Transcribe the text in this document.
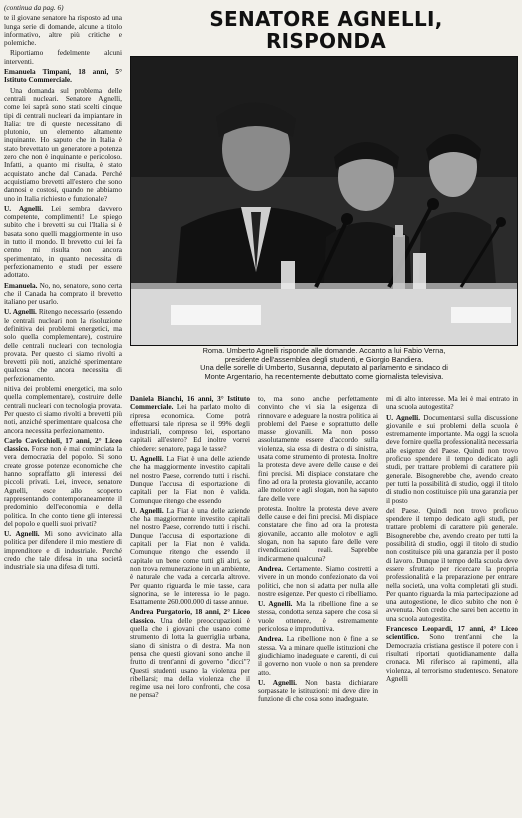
(continua da pag. 6)

te il giovane senatore ha risposto ad una lunga serie di domande, alcune a titolo informativo, altre più critiche e polemiche.

Riportiamo fedelmente alcuni interventi.

Emanuela Timpani, 18 anni, 5° Istituto Commerciale.

Una domanda sul problema delle centrali nucleari. Senatore Agnelli, come lei saprà sono stati scelti cinque tipi di centrali nucleari da impiantare in Italia: tre di queste necessitano di plutonio, un elemento altamente inquinante. Ho saputo che in Italia è stato brevettato un generatore a potenza zero che non è inquinante e pericoloso. Infatti, a quanto mi risulta, è stato acquistato anche dal Canada. Perché acquistiamo brevetti all'estero che sono dannosi e costosi, quando ne abbiamo uno in Italia richiesto e funzionale?

U. Agnelli. Lei sembra davvero competente, complimenti! Le spiego subito che i brevetti su cui l'Italia si è basata sono quelli maggiormente in uso in tutto il mondo. Il brevetto cui lei fa cenno mi risulta non ancora sperimentato, in quanto necessita di perfezionamento e studi per essere adottato.

Emanuela. No, no, senatore, sono certa che il Canada ha comprato il brevetto italiano per usarlo.

U. Agnelli. Ritengo necessario (essendo le centrali nucleari non la risoluzione definitiva dei problemi energetici, ma solo quella complementare), costruire delle centrali nucleari con tecnologia provata. Per questo ci siamo rivolti a brevetti più noti, anziché sperimentare qualcosa che ancora necessita di perfezionamento.

nitiva dei problemi energetici, ma solo quella complementare), costruire delle centrali nucleari con tecnologia provata. Per questo ci siamo rivolti a brevetti più noti, anziché sperimentare qualcosa che ancora necessita perfezionamento.

Carlo Cavicchioli, 17 anni, 2° Liceo classico. Forse non è mai cominciata la vera democrazia del popolo. Si sono create grosse potenze economiche che hanno sopraffatto gli interessi dei piccoli privati. Lei, invece, senatore Agnelli, esce allo scoperto rappresentando contemporaneamente il predominio dell'economia e della politica. In che conto tiene gli interessi del popolo e quelli suoi privati?

U. Agnelli. Mi sono avvicinato alla politica per difendere il mio mestiere di imprenditore e di industriale. Perché credo che tale difesa in una società industriale sia una difesa di tutti.

SENATORE AGNELLI,
RISPONDA
Roma. Umberto Agnelli risponde alle domande. Accanto a lui Fabio Verna,
presidente dell'assemblea degli studenti, e Giorgio Bandiera.
Una delle sorelle di Umberto, Susanna, deputato al parlamento e sindaco di
Monte Argentario, ha recentemente debuttato come giornalista televisiva.

Daniela Bianchi, 16 anni, 3° Istituto Commerciale. Lei ha parlato molto di ripresa economica. Come potrà effettuarsi tale ripresa se il 99% degli industriali, compreso lei, esportano capitali all'estero? Ed inoltre vorrei chiedere: senatore, paga le tasse?

U. Agnelli. La Fiat è una delle aziende che ha maggiormente investito capitali nel nostro Paese, correndo tutti i rischi. Dunque l'accusa di esportazione di capitali per la Fiat non è valida. Comunque ritengo che essendo

U. Agnelli. La Fiat è una delle aziende che ha maggiormente investito capitali nel nostro Paese, correndo tutti i rischi. Dunque l'accusa di esportazione di capitali per la Fiat non è valida. Comunque ritengo che essendo il capitale un bene come tutti gli altri, se non trova remunerazione in un ambiente, è naturale che vada a cercarla altrove. Per quanto riguarda le mie tasse, cara signorina, se le interessa io le pago. Esattamente 260.000.000 di tasse annue.

Andrea Purgatorio, 18 anni, 2° Liceo classico. Una delle preoccupazioni è quella che i giovani che usano come strumento di lotta la guerriglia urbana, siano di sinistra o di destra. Ma non pensa che questi giovani sono anche il frutto di trent'anni di governo "dicci"? Questi studenti usano la violenza per ribellarsi; ma della violenza che il regime usa nei loro confronti, che cosa ne pensa?

to, ma sono anche perfettamente convinto che vi sia la esigenza di rinnovare e adeguare la nostra politica ai problemi del Paese e soprattutto delle masse giovanili. Ma non posso assolutamente essere d'accordo sulla violenza, sia essa di destra o di sinistra, usata come strumento di protesta. Inoltre la protesta deve avere delle cause e dei fini precisi. Mi dispiace constatare che fino ad ora la protesta giovanile, accanto alle molotov e agli slogan, non ha saputo fare delle vere

protesta. Inoltre la protesta deve avere delle cause e dei fini precisi. Mi dispiace constatare che fino ad ora la protesta giovanile, accanto alle molotov e agli slogan, non ha saputo fare delle vere rivendicazioni reali. Saprebbe indicarmene qualcuna?

Andrea. Certamente. Siamo costretti a vivere in un mondo confezionato da voi politici, che non si adatta per nulla alle nostre esigenze. Per questo ci ribelliamo.

U. Agnelli. Ma la ribellione fine a se stessa, condotta senza sapere che cosa si vuole ottenere, è estremamente pericolosa e improduttiva.

Andrea. La ribellione non è fine a se stessa. Va a minare quelle istituzioni che giudichiamo inadeguate e carenti, di cui il governo non vuole o non sa prendere atto.

U. Agnelli. Non basta dichiarare sorpassate le istituzioni: mi deve dire in funzione di che cosa sono inadeguate.

mi di alto interesse. Ma lei è mai entrato in una scuola autogestita?

U. Agnelli. Documentarsi sulla discussione giovanile e sui problemi della scuola è estremamente importante. Ma oggi la scuola deve fornire quella professionalità necessaria alle esigenze del Paese. Quindi non trovo proficuo spendere il tempo dedicato agli studi, per trattare problemi di carattere più generale. Bisognerebbe che, avendo creato per tutti la possibilità di studio, oggi il titolo di studio non costituisce più una garanzia per il posto

del Paese. Quindi non trovo proficuo spendere il tempo dedicato agli studi, per trattare problemi di carattere più generale. Bisognerebbe che, avendo creato per tutti la possibilità di studio, oggi il titolo di studio non costituisce più una garanzia per il posto di lavoro. Dunque il tempo della scuola deve essere sfruttato per ricercare la propria professionalità e la preparazione per entrare nella società, una volta completati gli studi. Per quanto riguarda la mia partecipazione ad una autogestione, le dico subito che non è avvenuta. Non credo che sarei ben accetto in una scuola autogestita.

Francesco Leopardi, 17 anni, 4° Liceo scientifico. Sono trent'anni che la Democrazia cristiana gestisce il potere con i risultati riportati quotidianamente dalla cronaca. Mi riferisco ai rapimenti, alla violenza, al terrorismo studentesco. Senatore Agnelli
